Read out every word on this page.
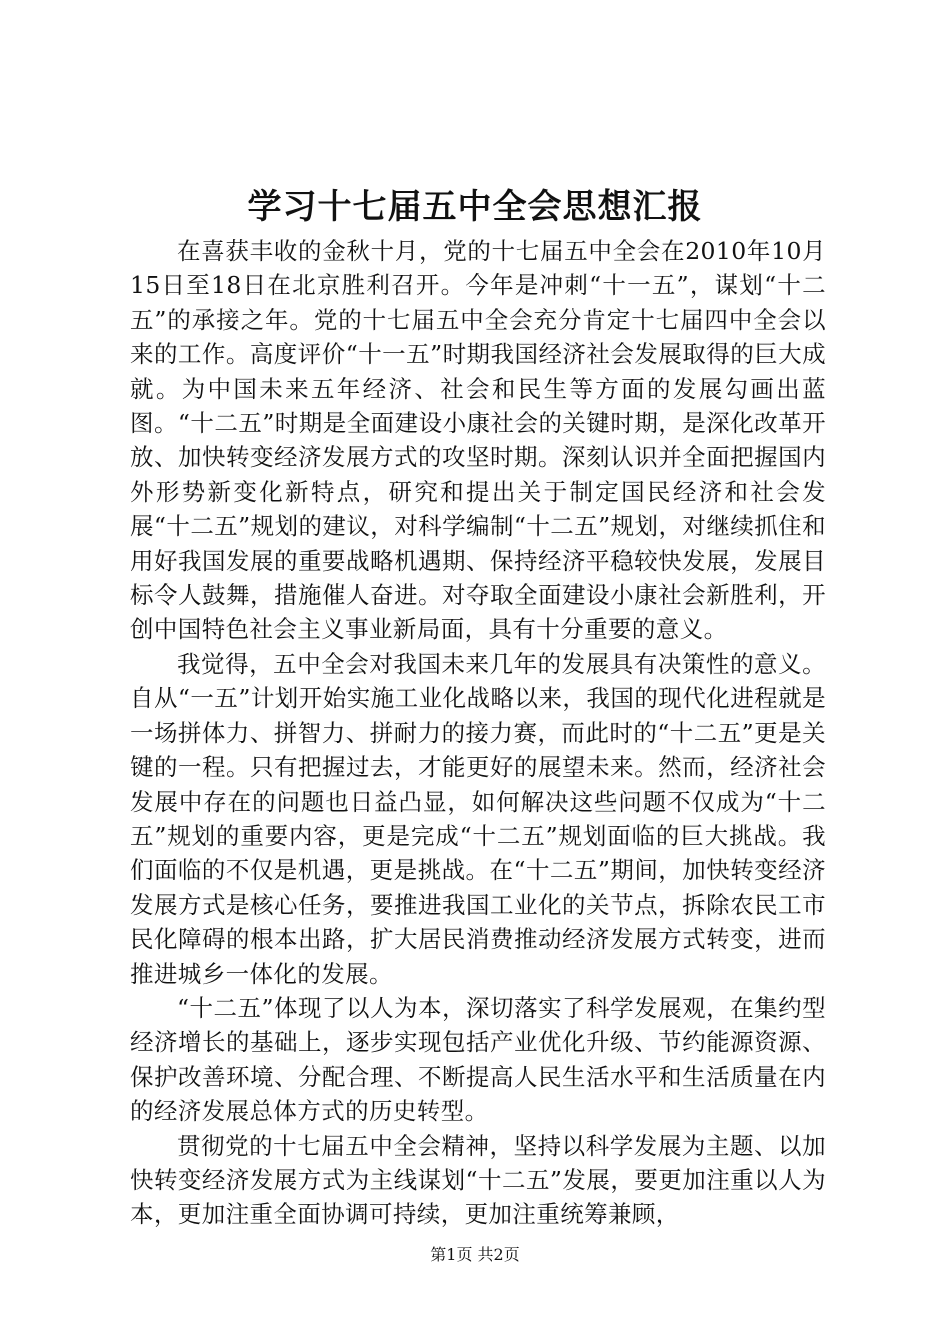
学习十七届五中全会思想汇报

在喜获丰收的金秋十月，党的十七届五中全会在2010年10月15日至18日在北京胜利召开。今年是冲刺“十一五”，谋划“十二五”的承接之年。党的十七届五中全会充分肯定十七届四中全会以来的工作。高度评价“十一五”时期我国经济社会发展取得的巨大成就。为中国未来五年经济、社会和民生等方面的发展勾画出蓝图。“十二五”时期是全面建设小康社会的关键时期，是深化改革开放、加快转变经济发展方式的攻坚时期。深刻认识并全面把握国内外形势新变化新特点，研究和提出关于制定国民经济和社会发展“十二五”规划的建议，对科学编制“十二五”规划，对继续抓住和用好我国发展的重要战略机遇期、保持经济平稳较快发展，发展目标令人鼓舞，措施催人奋进。对夺取全面建设小康社会新胜利，开创中国特色社会主义事业新局面，具有十分重要的意义。

我觉得，五中全会对我国未来几年的发展具有决策性的意义。自从“一五”计划开始实施工业化战略以来，我国的现代化进程就是一场拼体力、拼智力、拼耐力的接力赛，而此时的“十二五”更是关键的一程。只有把握过去，才能更好的展望未来。然而，经济社会发展中存在的问题也日益凸显，如何解决这些问题不仅成为“十二五”规划的重要内容，更是完成“十二五”规划面临的巨大挑战。我们面临的不仅是机遇，更是挑战。在“十二五”期间，加快转变经济发展方式是核心任务，要推进我国工业化的关节点，拆除农民工市民化障碍的根本出路，扩大居民消费推动经济发展方式转变，进而推进城乡一体化的发展。

“十二五”体现了以人为本，深切落实了科学发展观，在集约型经济增长的基础上，逐步实现包括产业优化升级、节约能源资源、保护改善环境、分配合理、不断提高人民生活水平和生活质量在内的经济发展总体方式的历史转型。

贯彻党的十七届五中全会精神，坚持以科学发展为主题、以加快转变经济发展方式为主线谋划“十二五”发展，要更加注重以人为本，更加注重全面协调可持续，更加注重统筹兼顾，

第1页 共2页
